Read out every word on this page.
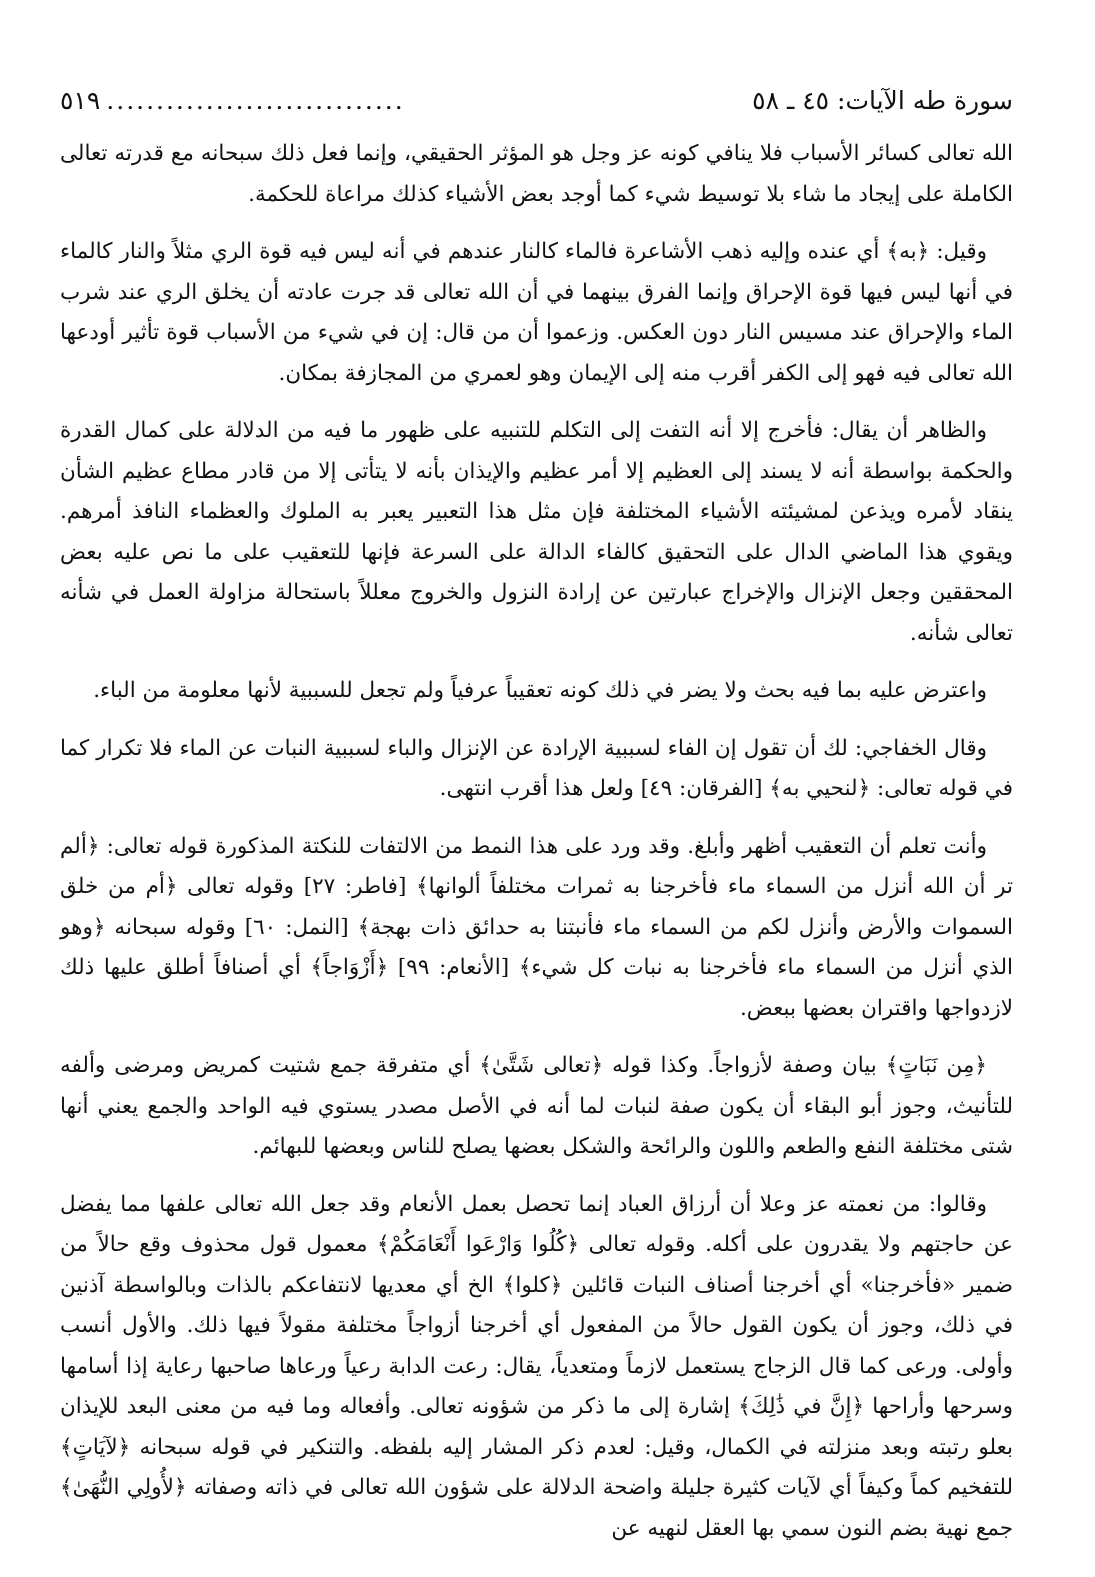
سورة طه الآيات: ٤٥ ـ ٥٨
..............................
٥١٩

الله تعالى كسائر الأسباب فلا ينافي كونه عز وجل هو المؤثر الحقيقي، وإنما فعل ذلك سبحانه مع قدرته تعالى الكاملة على إيجاد ما شاء بلا توسيط شيء كما أوجد بعض الأشياء كذلك مراعاة للحكمة.

وقيل: ﴿به﴾ أي عنده وإليه ذهب الأشاعرة فالماء كالنار عندهم في أنه ليس فيه قوة الري مثلاً والنار كالماء في أنها ليس فيها قوة الإحراق وإنما الفرق بينهما في أن الله تعالى قد جرت عادته أن يخلق الري عند شرب الماء والإحراق عند مسيس النار دون العكس. وزعموا أن من قال: إن في شيء من الأسباب قوة تأثير أودعها الله تعالى فيه فهو إلى الكفر أقرب منه إلى الإيمان وهو لعمري من المجازفة بمكان.

والظاهر أن يقال: فأخرج إلا أنه التفت إلى التكلم للتنبيه على ظهور ما فيه من الدلالة على كمال القدرة والحكمة بواسطة أنه لا يسند إلى العظيم إلا أمر عظيم والإيذان بأنه لا يتأتى إلا من قادر مطاع عظيم الشأن ينقاد لأمره ويذعن لمشيئته الأشياء المختلفة فإن مثل هذا التعبير يعبر به الملوك والعظماء النافذ أمرهم. ويقوي هذا الماضي الدال على التحقيق كالفاء الدالة على السرعة فإنها للتعقيب على ما نص عليه بعض المحققين وجعل الإنزال والإخراج عبارتين عن إرادة النزول والخروج معللاً باستحالة مزاولة العمل في شأنه تعالى شأنه.

واعترض عليه بما فيه بحث ولا يضر في ذلك كونه تعقيباً عرفياً ولم تجعل للسببية لأنها معلومة من الباء.

وقال الخفاجي: لك أن تقول إن الفاء لسببية الإرادة عن الإنزال والباء لسببية النبات عن الماء فلا تكرار كما في قوله تعالى: ﴿لنحيي به﴾ [الفرقان: ٤٩] ولعل هذا أقرب انتهى.

وأنت تعلم أن التعقيب أظهر وأبلغ. وقد ورد على هذا النمط من الالتفات للنكتة المذكورة قوله تعالى: ﴿ألم تر أن الله أنزل من السماء ماء فأخرجنا به ثمرات مختلفاً ألوانها﴾ [فاطر: ٢٧] وقوله تعالى ﴿أم من خلق السموات والأرض وأنزل لكم من السماء ماء فأنبتنا به حدائق ذات بهجة﴾ [النمل: ٦٠] وقوله سبحانه ﴿وهو الذي أنزل من السماء ماء فأخرجنا به نبات كل شيء﴾ [الأنعام: ٩٩] ﴿أَزْوَاجاً﴾ أي أصنافاً أطلق عليها ذلك لازدواجها واقتران بعضها ببعض.

﴿مِن نَبَاتٍ﴾ بيان وصفة لأزواجاً. وكذا قوله ﴿تعالى شَتَّىٰ﴾ أي متفرقة جمع شتيت كمريض ومرضى وألفه للتأنيث، وجوز أبو البقاء أن يكون صفة لنبات لما أنه في الأصل مصدر يستوي فيه الواحد والجمع يعني أنها شتى مختلفة النفع والطعم واللون والرائحة والشكل بعضها يصلح للناس وبعضها للبهائم.

وقالوا: من نعمته عز وعلا أن أرزاق العباد إنما تحصل بعمل الأنعام وقد جعل الله تعالى علفها مما يفضل عن حاجتهم ولا يقدرون على أكله. وقوله تعالى ﴿كُلُوا وَارْعَوا أَنْعَامَكُمْ﴾ معمول قول محذوف وقع حالاً من ضمير «فأخرجنا» أي أخرجنا أصناف النبات قائلين ﴿كلوا﴾ الخ أي معديها لانتفاعكم بالذات وبالواسطة آذنين في ذلك، وجوز أن يكون القول حالاً من المفعول أي أخرجنا أزواجاً مختلفة مقولاً فيها ذلك. والأول أنسب وأولى. ورعى كما قال الزجاج يستعمل لازماً ومتعدياً، يقال: رعت الدابة رعياً ورعاها صاحبها رعاية إذا أسامها وسرحها وأراحها ﴿إِنَّ في ذَٰلِكَ﴾ إشارة إلى ما ذكر من شؤونه تعالى. وأفعاله وما فيه من معنى البعد للإيذان بعلو رتبته وبعد منزلته في الكمال، وقيل: لعدم ذكر المشار إليه بلفظه. والتنكير في قوله سبحانه ﴿لآيَاتٍ﴾ للتفخيم كماً وكيفاً أي لآيات كثيرة جليلة واضحة الدلالة على شؤون الله تعالى في ذاته وصفاته ﴿لأُولِي النُّهَىٰ﴾ جمع نهية بضم النون سمي بها العقل لنهيه عن
